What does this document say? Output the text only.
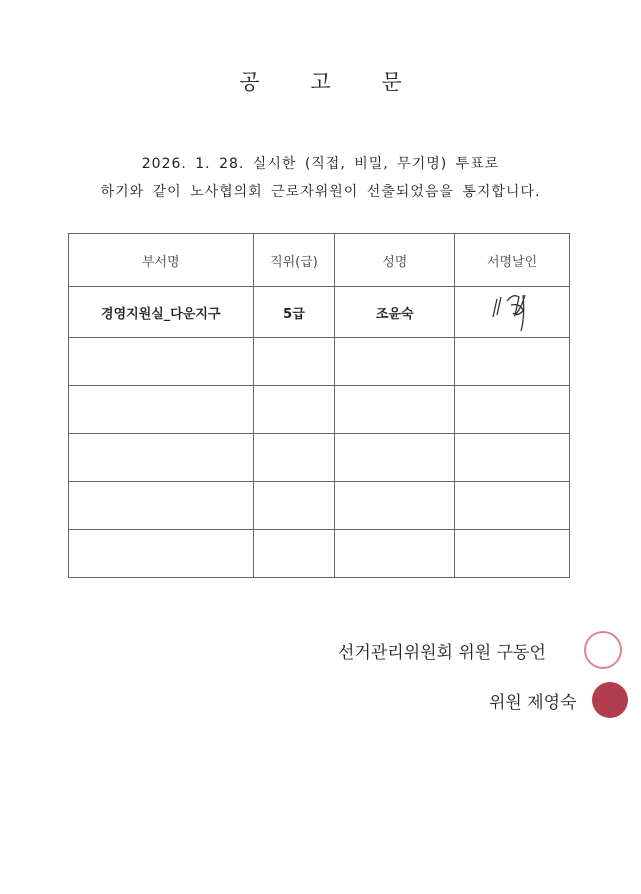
공 고 문
2026. 1. 28. 실시한 (직접, 비밀, 무기명) 투표로
하기와 같이 노사협의회 근로자위원이 선출되었음을 통지합니다.
부서명	직위(급)	성명	서명날인
경영지원실_다운지구	5급	조윤숙	

선거관리위원회 위원 구동언
위원 제영숙
